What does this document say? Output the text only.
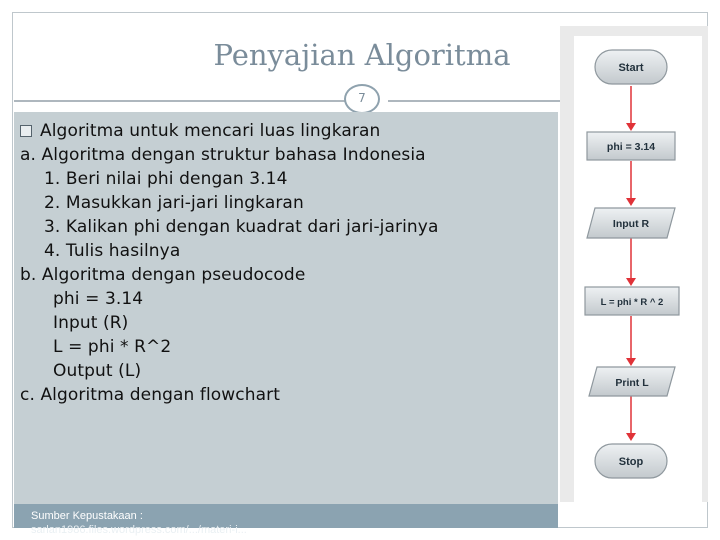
Penyajian Algoritma
7
Algoritma untuk mencari luas lingkaran
a. Algoritma dengan struktur bahasa Indonesia
1. Beri nilai phi dengan 3.14
2. Masukkan jari-jari lingkaran
3. Kalikan phi dengan kuadrat dari jari-jarinya
4. Tulis hasilnya
b. Algoritma dengan pseudocode
phi = 3.14
Input (R)
L = phi * R^2
Output (L)
c. Algoritma dengan flowchart
Sumber Kepustakaan :
sarlan1986.files.wordpress.com/.../materi-i...
Start
phi = 3.14
Input R
L = phi * R ^ 2
Print L
Stop
